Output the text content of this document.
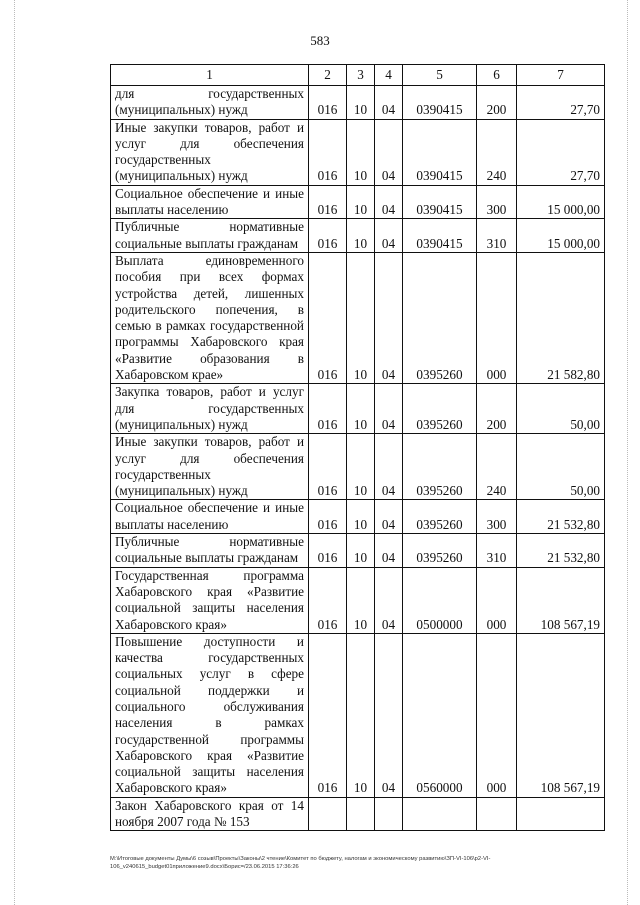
583
1	2	3	4	5	6	7
для государственных (муниципальных) нужд	016	10	04	0390415	200	27,70
Иные закупки товаров, работ и услуг для обеспечения государственных (муниципальных) нужд	016	10	04	0390415	240	27,70
Социальное обеспечение и иные выплаты населению	016	10	04	0390415	300	15 000,00
Публичные нормативные социальные выплаты гражданам	016	10	04	0390415	310	15 000,00
Выплата единовременного пособия при всех формах устройства детей, лишенных родительского попечения, в семью в рамках государственной программы Хабаровского края «Развитие образования в Хабаровском крае»	016	10	04	0395260	000	21 582,80
Закупка товаров, работ и услуг для государственных (муниципальных) нужд	016	10	04	0395260	200	50,00
Иные закупки товаров, работ и услуг для обеспечения государственных (муниципальных) нужд	016	10	04	0395260	240	50,00
Социальное обеспечение и иные выплаты населению	016	10	04	0395260	300	21 532,80
Публичные нормативные социальные выплаты гражданам	016	10	04	0395260	310	21 532,80
Государственная программа Хабаровского края «Развитие социальной защиты населения Хабаровского края»	016	10	04	0500000	000	108 567,19
Повышение доступности и качества государственных социальных услуг в сфере социальной поддержки и социального обслуживания населения в рамках государственной программы Хабаровского края «Развитие социальной защиты населения Хабаровского края»	016	10	04	0560000	000	108 567,19
Закон Хабаровского края от 14 ноября 2007 года № 153						
M:\Итоговые документы Думы\6 созыв\Проекты\Законы\2 чтение\Комитет по бюджету, налогам и экономическому развитию\ЗП-VI-106\р2-VI-106_v240615_budget01приложение9.docx\Борис=/23.06.2015 17:36:26
